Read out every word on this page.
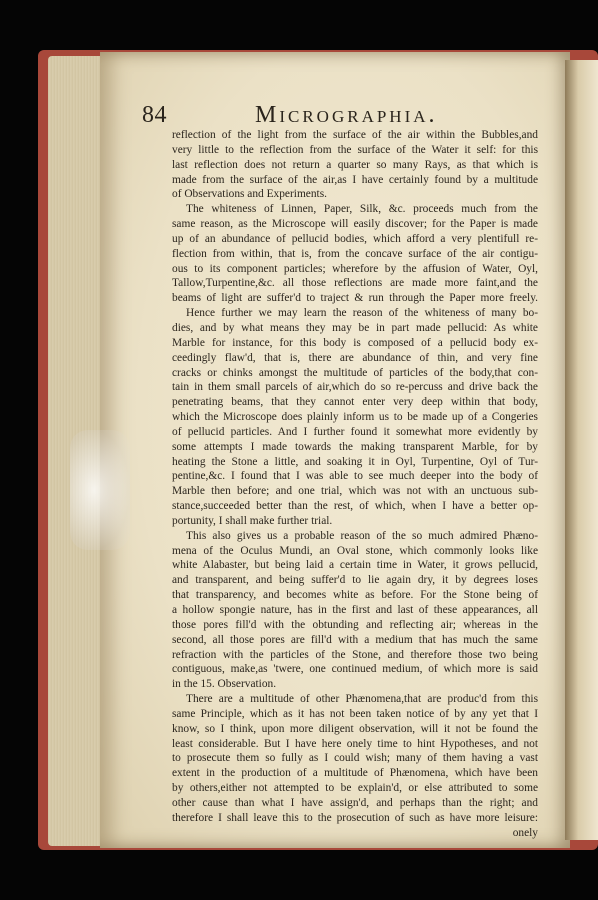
84	Micrographia.
reflection of the light from the surface of the air within the Bubbles,and
very little to the reflection from the surface of the Water it self: for this
last reflection does not return a quarter so many Rays, as that which is
made from the surface of the air,as I have certainly found by a multitude
of Observations and Experiments.
The whiteness of Linnen, Paper, Silk, &c. proceeds much from the
same reason, as the Microscope will easily discover; for the Paper is made
up of an abundance of pellucid bodies, which afford a very plentifull re-
flection from within, that is, from the concave surface of the air contigu-
ous to its component particles; wherefore by the affusion of Water, Oyl,
Tallow,Turpentine,&c. all those reflections are made more faint,and the
beams of light are suffer'd to traject & run through the Paper more freely.
Hence further we may learn the reason of the whiteness of many bo-
dies, and by what means they may be in part made pellucid: As white
Marble for instance, for this body is composed of a pellucid body ex-
ceedingly flaw'd, that is, there are abundance of thin, and very fine
cracks or chinks amongst the multitude of particles of the body,that con-
tain in them small parcels of air,which do so re-percuss and drive back the
penetrating beams, that they cannot enter very deep within that body,
which the Microscope does plainly inform us to be made up of a Congeries
of pellucid particles. And I further found it somewhat more evidently by
some attempts I made towards the making transparent Marble, for by
heating the Stone a little, and soaking it in Oyl, Turpentine, Oyl of Tur-
pentine,&c. I found that I was able to see much deeper into the body of
Marble then before; and one trial, which was not with an unctuous sub-
stance,succeeded better than the rest, of which, when I have a better op-
portunity, I shall make further trial.
This also gives us a probable reason of the so much admired Phæno-
mena of the Oculus Mundi, an Oval stone, which commonly looks like
white Alabaster, but being laid a certain time in Water, it grows pellucid,
and transparent, and being suffer'd to lie again dry, it by degrees loses
that transparency, and becomes white as before. For the Stone being of
a hollow spongie nature, has in the first and last of these appearances, all
those pores fill'd with the obtunding and reflecting air; whereas in the
second, all those pores are fill'd with a medium that has much the same
refraction with the particles of the Stone, and therefore those two being
contiguous, make,as 'twere, one continued medium, of which more is said
in the 15. Observation.
There are a multitude of other Phænomena,that are produc'd from this
same Principle, which as it has not been taken notice of by any yet that I
know, so I think, upon more diligent observation, will it not be found the
least considerable. But I have here onely time to hint Hypotheses, and not
to prosecute them so fully as I could wish; many of them having a vast
extent in the production of a multitude of Phænomena, which have been
by others,either not attempted to be explain'd, or else attributed to some
other cause than what I have assign'd, and perhaps than the right; and
therefore I shall leave this to the prosecution of such as have more leisure:
onely
